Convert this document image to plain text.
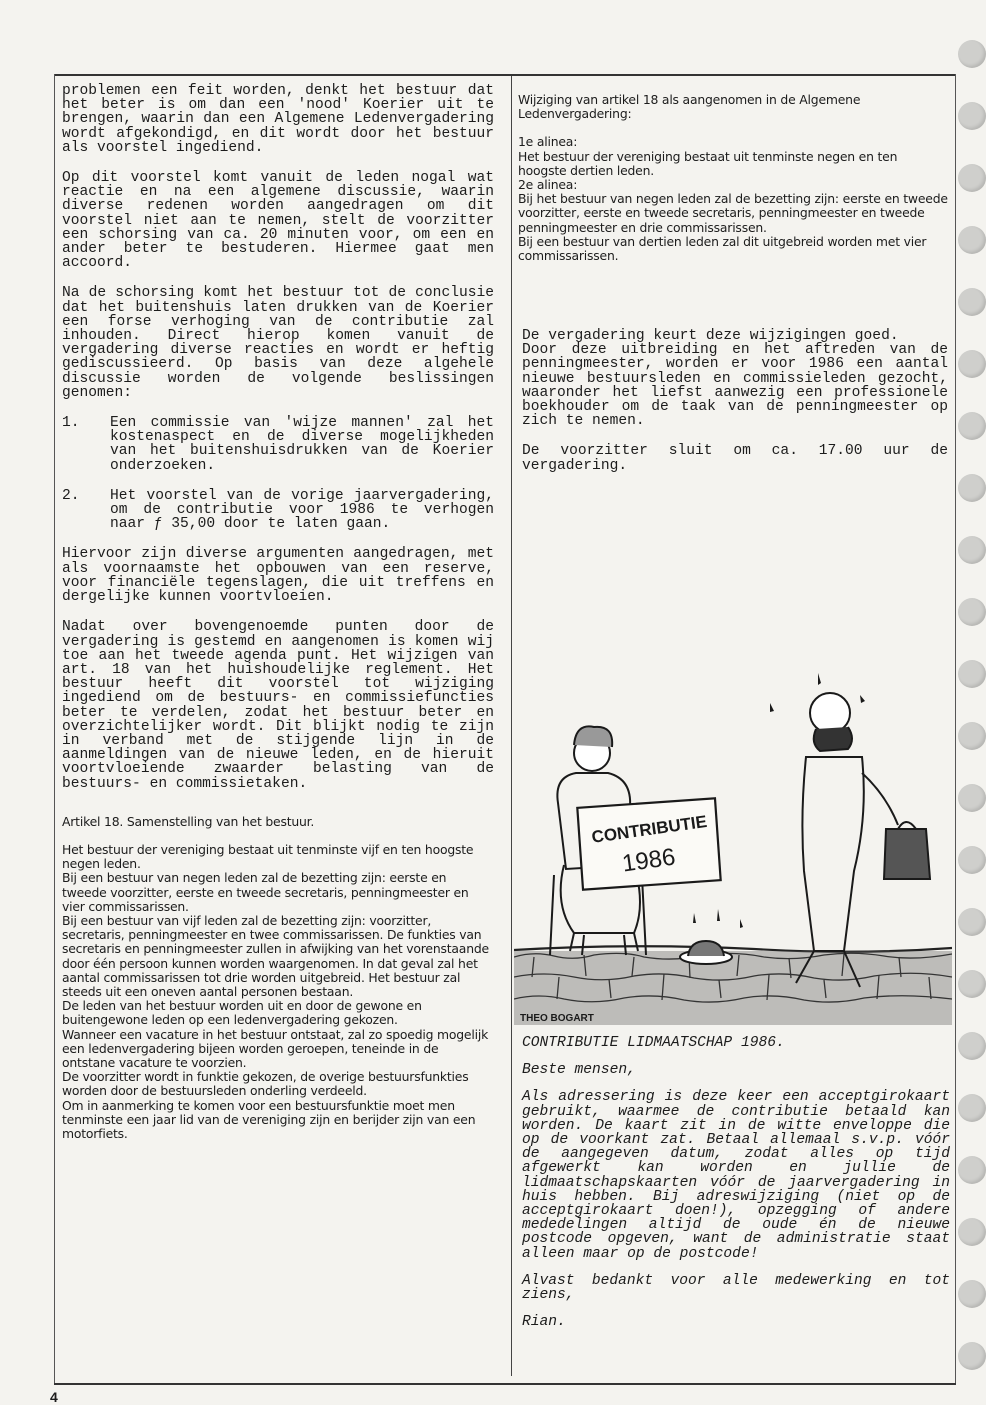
problemen een feit worden, denkt het bestuur dat het beter is om dan een 'nood' Koerier uit te brengen, waarin dan een Algemene Ledenvergadering wordt afgekondigd, en dit wordt door het bestuur als voorstel ingediend.

Op dit voorstel komt vanuit de leden nogal wat reactie en na een algemene discussie, waarin diverse redenen worden aangedragen om dit voorstel niet aan te nemen, stelt de voorzitter een schorsing van ca. 20 minuten voor, om een en ander beter te bestuderen. Hiermee gaat men accoord.

Na de schorsing komt het bestuur tot de conclusie dat het buitenshuis laten drukken van de Koerier een forse verhoging van de contributie zal inhouden. Direct hierop komen vanuit de vergadering diverse reacties en wordt er heftig gediscussieerd. Op basis van deze algehele discussie worden de volgende beslissingen genomen:

1.	Een commissie van 'wijze mannen' zal het kostenaspect en de diverse mogelijkheden van het buitenshuisdrukken van de Koerier onderzoeken.
2.	Het voorstel van de vorige jaarvergadering, om de contributie voor 1986 te verhogen naar ƒ 35,00 door te laten gaan.

Hiervoor zijn diverse argumenten aangedragen, met als voornaamste het opbouwen van een reserve, voor financiële tegenslagen, die uit treffens en dergelijke kunnen voortvloeien.

Nadat over bovengenoemde punten door de vergadering is gestemd en aangenomen is komen wij toe aan het tweede agenda punt. Het wijzigen van art. 18 van het huishoudelijke reglement. Het bestuur heeft dit voorstel tot wijziging ingediend om de bestuurs- en commissiefuncties beter te verdelen, zodat het bestuur beter en overzichtelijker wordt. Dit blijkt nodig te zijn in verband met de stijgende lijn in de aanmeldingen van de nieuwe leden, en de hieruit voortvloeiende zwaarder belasting van de bestuurs- en commissietaken.

Artikel 18. Samenstelling van het bestuur.

Het bestuur der vereniging bestaat uit tenminste vijf en ten hoogste negen leden.
Bij een bestuur van negen leden zal de bezetting zijn: eerste en tweede voorzitter, eerste en tweede secretaris, penningmeester en vier commissarissen.
Bij een bestuur van vijf leden zal de bezetting zijn: voorzitter, secretaris, penningmeester en twee commissarissen. De funkties van secretaris en penningmeester zullen in afwijking van het vorenstaande door één persoon kunnen worden waargenomen. In dat geval zal het aantal commissarissen tot drie worden uitgebreid. Het bestuur zal steeds uit een oneven aantal personen bestaan.
De leden van het bestuur worden uit en door de gewone en buitengewone leden op een ledenvergadering gekozen.
Wanneer een vacature in het bestuur ontstaat, zal zo spoedig mogelijk een ledenvergadering bijeen worden geroepen, teneinde in de ontstane vacature te voorzien.
De voorzitter wordt in funktie gekozen, de overige bestuursfunkties worden door de bestuursleden onderling verdeeld.
Om in aanmerking te komen voor een bestuursfunktie moet men tenminste een jaar lid van de vereniging zijn en berijder zijn van een motorfiets.
Wijziging van artikel 18 als aangenomen in de Algemene Ledenvergadering:
1e alinea:
Het bestuur der vereniging bestaat uit tenminste negen en ten hoogste dertien leden.
2e alinea:
Bij het bestuur van negen leden zal de bezetting zijn: eerste en tweede voorzitter, eerste en tweede secretaris, penningmeester en tweede penningmeester en drie commissarissen.
Bij een bestuur van dertien leden zal dit uitgebreid worden met vier commissarissen.

De vergadering keurt deze wijzigingen goed.

Door deze uitbreiding en het aftreden van de penningmeester, worden er voor 1986 een aantal nieuwe bestuursleden en commissieleden gezocht, waaronder het liefst aanwezig een professionele boekhouder om de taak van de penningmeester op zich te nemen.

De voorzitter sluit om ca. 17.00 uur de vergadering.

CONTRIBUTIE
1986
THEO BOGART

CONTRIBUTIE LIDMAATSCHAP 1986.

Beste mensen,

Als adressering is deze keer een acceptgirokaart gebruikt, waarmee de contributie betaald kan worden. De kaart zit in de witte enveloppe die op de voorkant zat. Betaal allemaal s.v.p. vóór de aangegeven datum, zodat alles op tijd afgewerkt kan worden en jullie de lidmaatschapskaarten vóór de jaarvergadering in huis hebben. Bij adreswijziging (niet op de acceptgirokaart doen!), opzegging of andere mededelingen altijd de oude én de nieuwe postcode opgeven, want de administratie staat alleen maar op de postcode!

Alvast bedankt voor alle medewerking en tot ziens,

Rian.

4
